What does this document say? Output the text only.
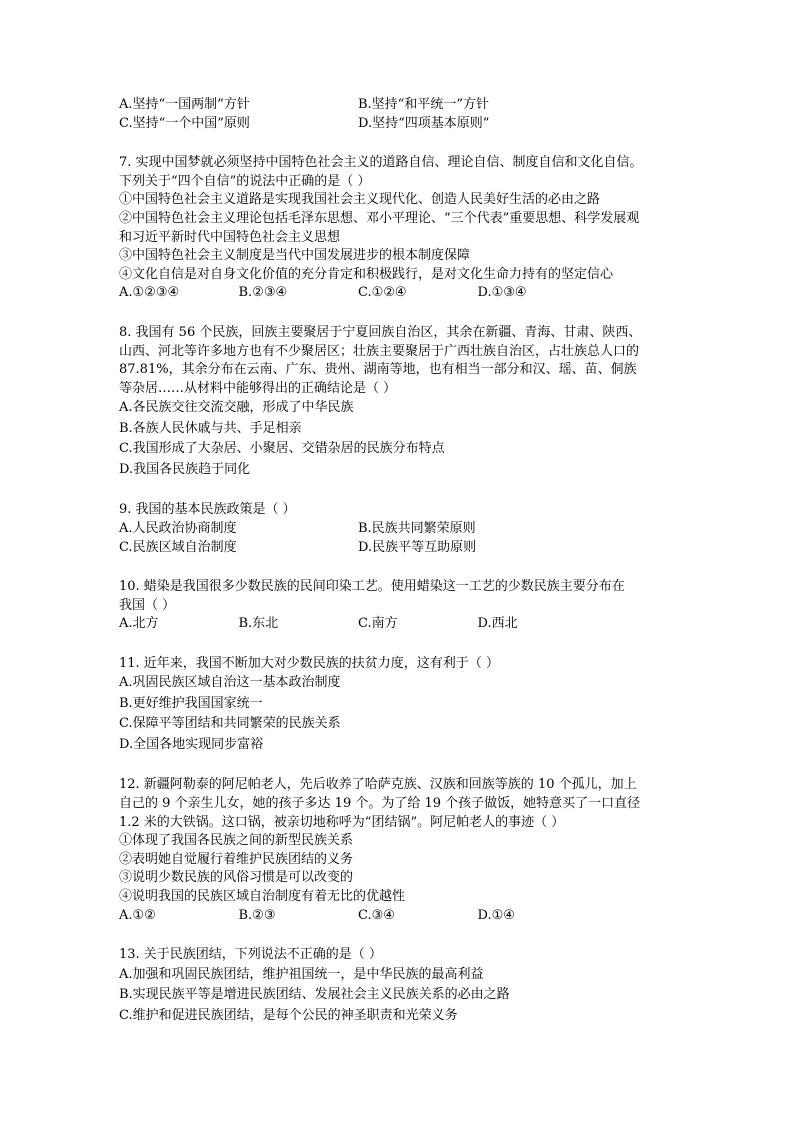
A.坚持“一国两制”方针	B.坚持“和平统一”方针
C.坚持“一个中国”原则	D.坚持“四项基本原则”
7. 实现中国梦就必须坚持中国特色社会主义的道路自信、理论自信、制度自信和文化自信。
下列关于“四个自信”的说法中正确的是（ ）
①中国特色社会主义道路是实现我国社会主义现代化、创造人民美好生活的必由之路
②中国特色社会主义理论包括毛泽东思想、邓小平理论、“三个代表”重要思想、科学发展观
和习近平新时代中国特色社会主义思想
③中国特色社会主义制度是当代中国发展进步的根本制度保障
④文化自信是对自身文化价值的充分肯定和积极践行，是对文化生命力持有的坚定信心
A.①②③④	B.②③④	C.①②④	D.①③④
8. 我国有 56 个民族，回族主要聚居于宁夏回族自治区，其余在新疆、青海、甘肃、陕西、
山西、河北等许多地方也有不少聚居区；壮族主要聚居于广西壮族自治区，占壮族总人口的
87.81%，其余分布在云南、广东、贵州、湖南等地，也有相当一部分和汉、瑶、苗、侗族
等杂居……从材料中能够得出的正确结论是（ ）
A.各民族交往交流交融，形成了中华民族
B.各族人民休戚与共、手足相亲
C.我国形成了大杂居、小聚居、交错杂居的民族分布特点
D.我国各民族趋于同化
9. 我国的基本民族政策是（ ）
A.人民政治协商制度	B.民族共同繁荣原则
C.民族区域自治制度	D.民族平等互助原则
10. 蜡染是我国很多少数民族的民间印染工艺。使用蜡染这一工艺的少数民族主要分布在
我国（ ）
A.北方	B.东北	C.南方	D.西北
11. 近年来，我国不断加大对少数民族的扶贫力度，这有利于（ ）
A.巩固民族区域自治这一基本政治制度
B.更好维护我国国家统一
C.保障平等团结和共同繁荣的民族关系
D.全国各地实现同步富裕
12. 新疆阿勒泰的阿尼帕老人，先后收养了哈萨克族、汉族和回族等族的 10 个孤儿，加上
自己的 9 个亲生儿女，她的孩子多达 19 个。为了给 19 个孩子做饭，她特意买了一口直径
1.2 米的大铁锅。这口锅，被亲切地称呼为“团结锅”。阿尼帕老人的事迹（ ）
①体现了我国各民族之间的新型民族关系
②表明她自觉履行着维护民族团结的义务
③说明少数民族的风俗习惯是可以改变的
④说明我国的民族区域自治制度有着无比的优越性
A.①②	B.②③	C.③④	D.①④
13. 关于民族团结，下列说法不正确的是（ ）
A.加强和巩固民族团结，维护祖国统一，是中华民族的最高利益
B.实现民族平等是增进民族团结、发展社会主义民族关系的必由之路
C.维护和促进民族团结，是每个公民的神圣职责和光荣义务
